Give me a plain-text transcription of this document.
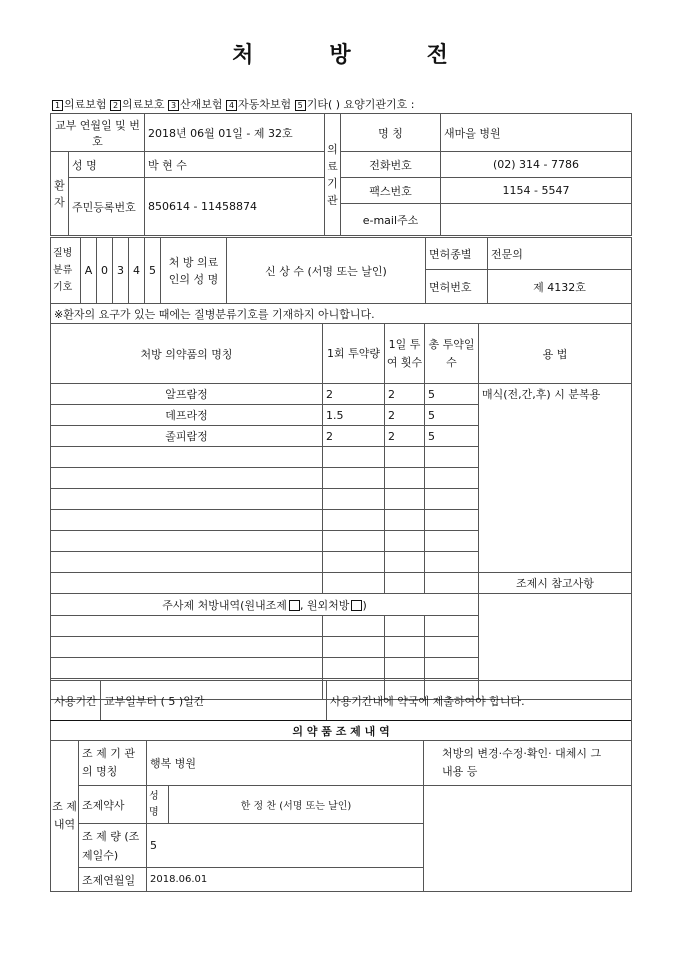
처	방	전
1 의료보험 2 의료보호 3 산재보험 4 자동차보험 5 기타( ) 요양기관기호 :
교부 연월일 및 번호		2018년 06월 01일 - 제 32호	의료기관	명 칭	새마을 병원
환자	성 명	박 현 수		전화번호	(02) 314 - 7786
	주민등록번호	850614 - 11458874		팩스번호	1154 - 5547
				e-mail주소	
질병분류기호	A	0	3	4	5	처 방 의료인의 성 명	신 상 수 (서명 또는 날인)	면허종별	전문의
								면허번호	제 4132호
※환자의 요구가 있는 때에는 질병분류기호를 기재하지 아니합니다.									
처방 의약품의 명칭	1회 투약량	1일 투여 횟수	총 투약일수	용 법
알프람정	2	2	5	매식(전,간,후) 시 분복용
데프라정	1.5	2	5	
졸피람정	2	2	5	

				조제시 참고사항
주사제 처방내역(원내조제 , 원외처방 )				

사용기간	교부일부터 ( 5 )일간	사용기간내에 약국에 제출하여야 합니다.
의 약 품 조 제 내 역				
조 제 내역	조 제 기 관 의 명칭	행복 병원		처방의 변경·수정·확인· 대체시 그 내용 등
	조제약사	성 명	한 정 찬 (서명 또는 날인)	
	조 제 량 (조제일수)	5		
	조제연월일	2018.06.01		
